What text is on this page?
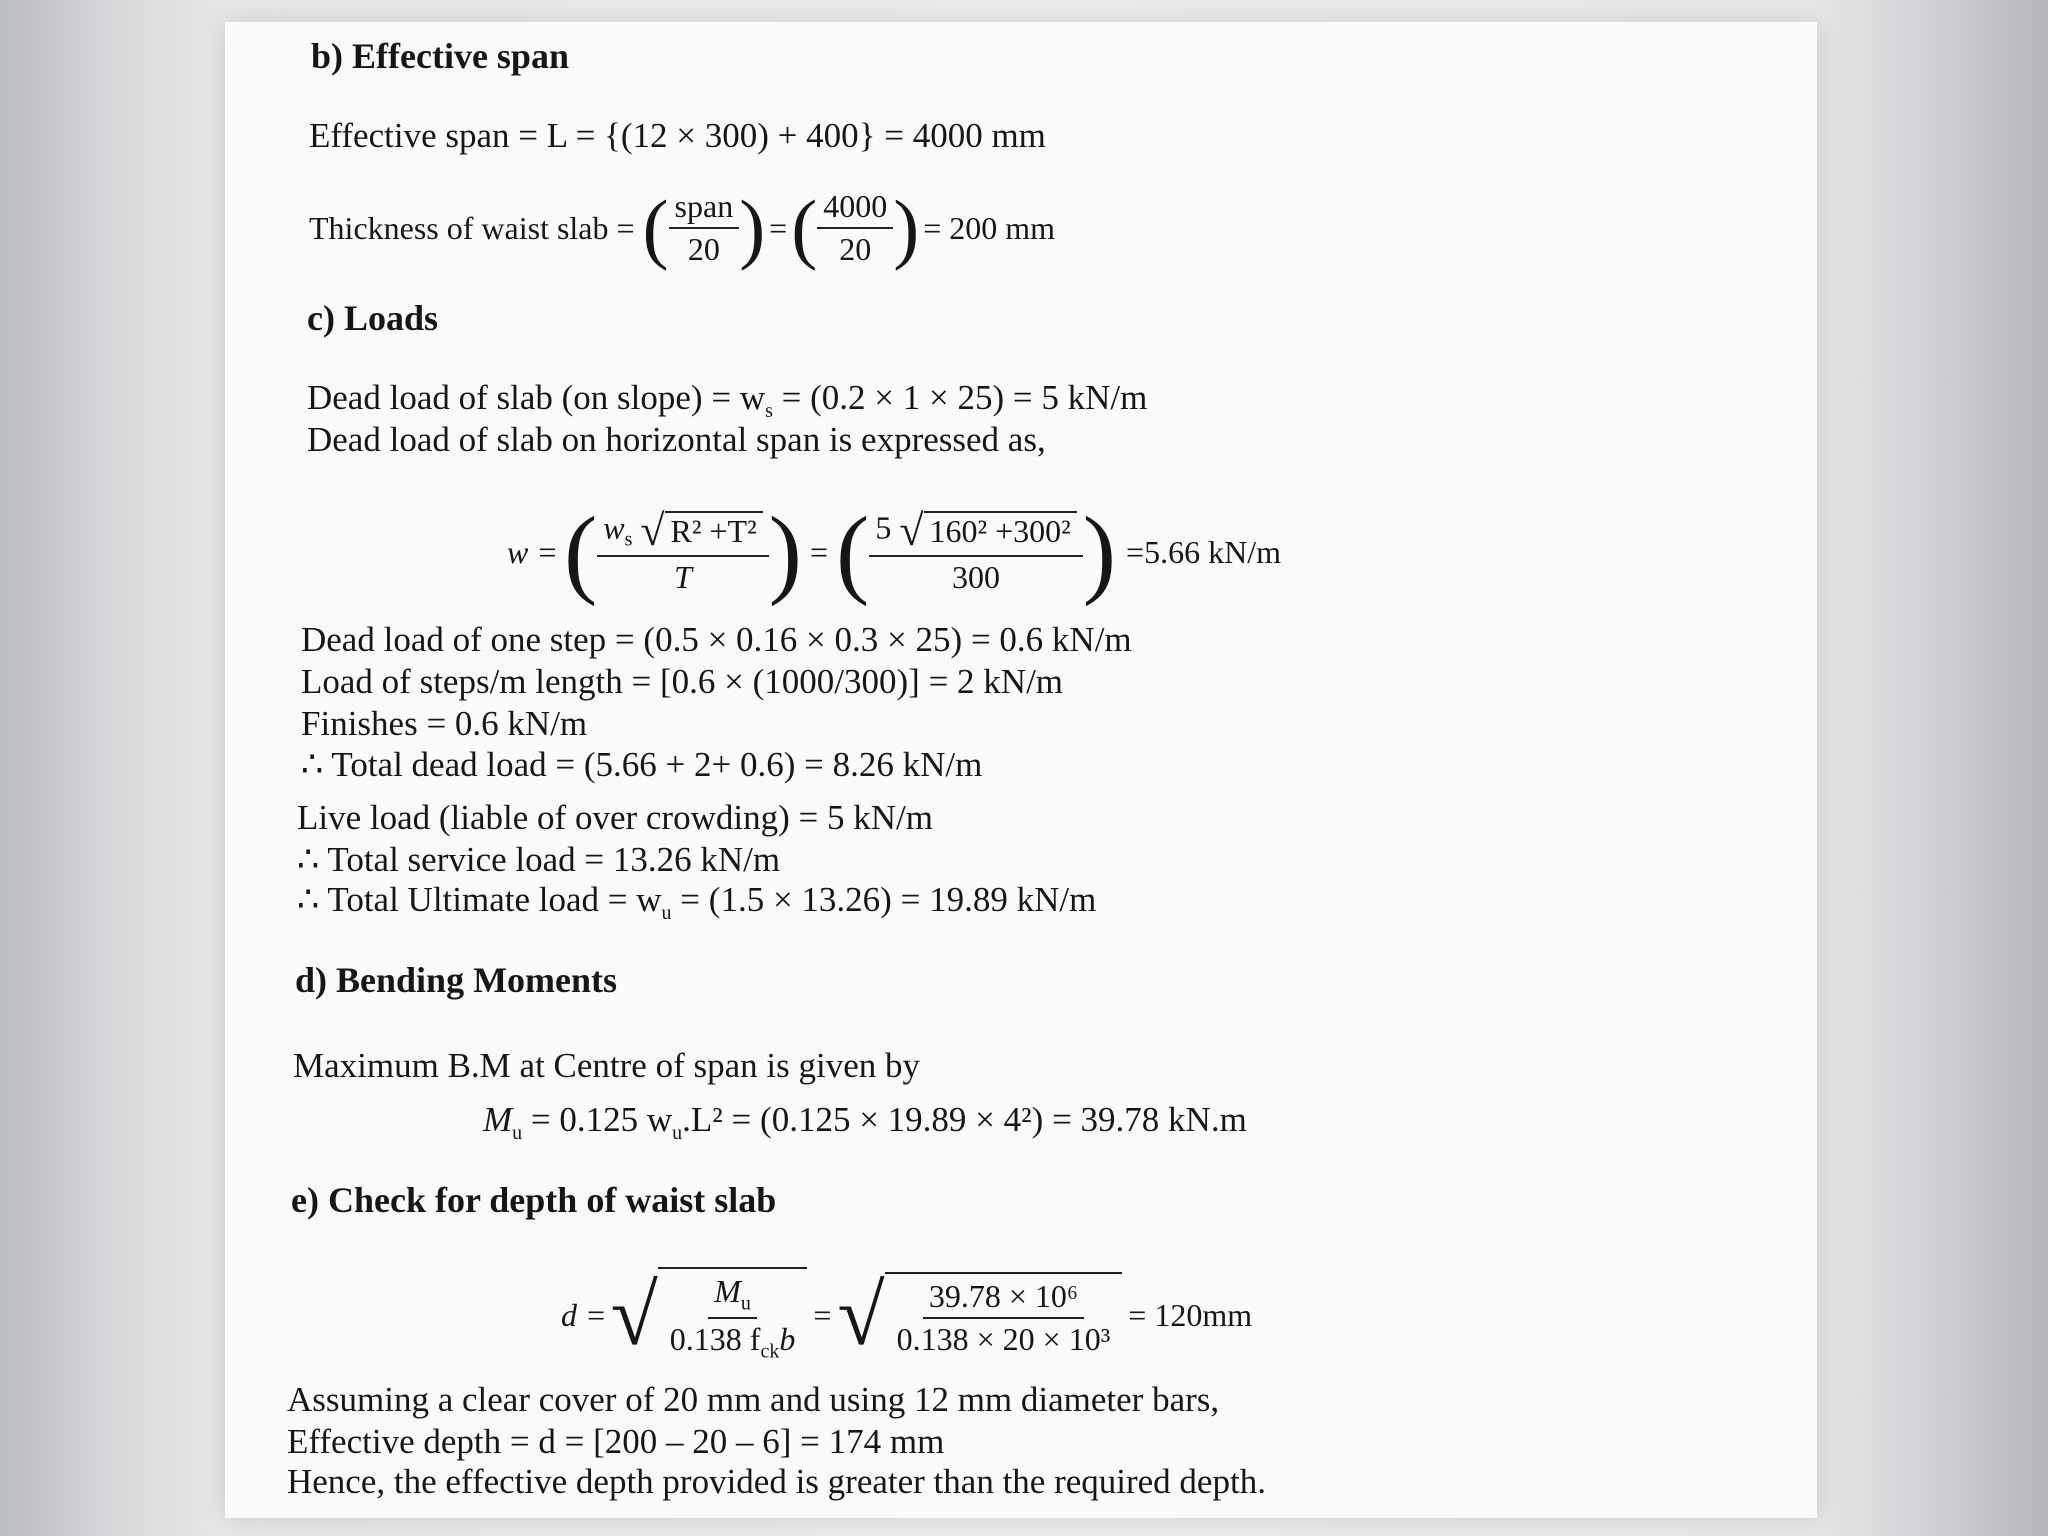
b) Effective span
Effective span = L = {(12 × 300) + 400} = 4000 mm
Thickness of waist slab = ( $\frac{\text{span}}{20}$ ) = ( $\frac{4000}{20}$ ) = 200 mm
c) Loads
Dead load of slab (on slope) = $w_s = (0.2 \times 1 \times 25) = 5$ kN/m
Dead load of slab on horizontal span is expressed as,
w = ( $\frac{w_s √ R^2 +T^2}{T}$ ) = ( $\frac{\text{5 √ 160² +300²}}{300}$ ) =5.66 kN/m
Dead load of one step = (0.5 × 0.16 × 0.3 × 25) = 0.6 kN/m
Load of steps/m length = [0.6 × (1000/300)] = 2 kN/m
Finishes = 0.6 kN/m
∴ Total dead load = (5.66 + 2+ 0.6) = 8.26 kN/m
Live load (liable of over crowding) = 5 kN/m
∴ Total service load = 13.26 kN/m
∴ Total Ultimate load = $w_u = (1.5 \times 13.26) = 19.89$ kN/m
d) Bending Moments
Maximum B.M at Centre of span is given by
$M_u = 0.125$ $w_u.L^2 = (0.125 \times 19.89 \times 4^2) = 39.78$ kN.m
e) Check for depth of waist slab
d = √ $\frac{M_u}{0.138 f_{ck}b}$ = √ $\frac{\text{39.78 × 10⁶}}{\text{0.138 × 20 × 10³}} = 120mm$
Assuming a clear cover of 20 mm and using 12 mm diameter bars,
Effective depth = d = [200 – 20 – 6] = 174 mm
Hence, the effective depth provided is greater than the required depth.
